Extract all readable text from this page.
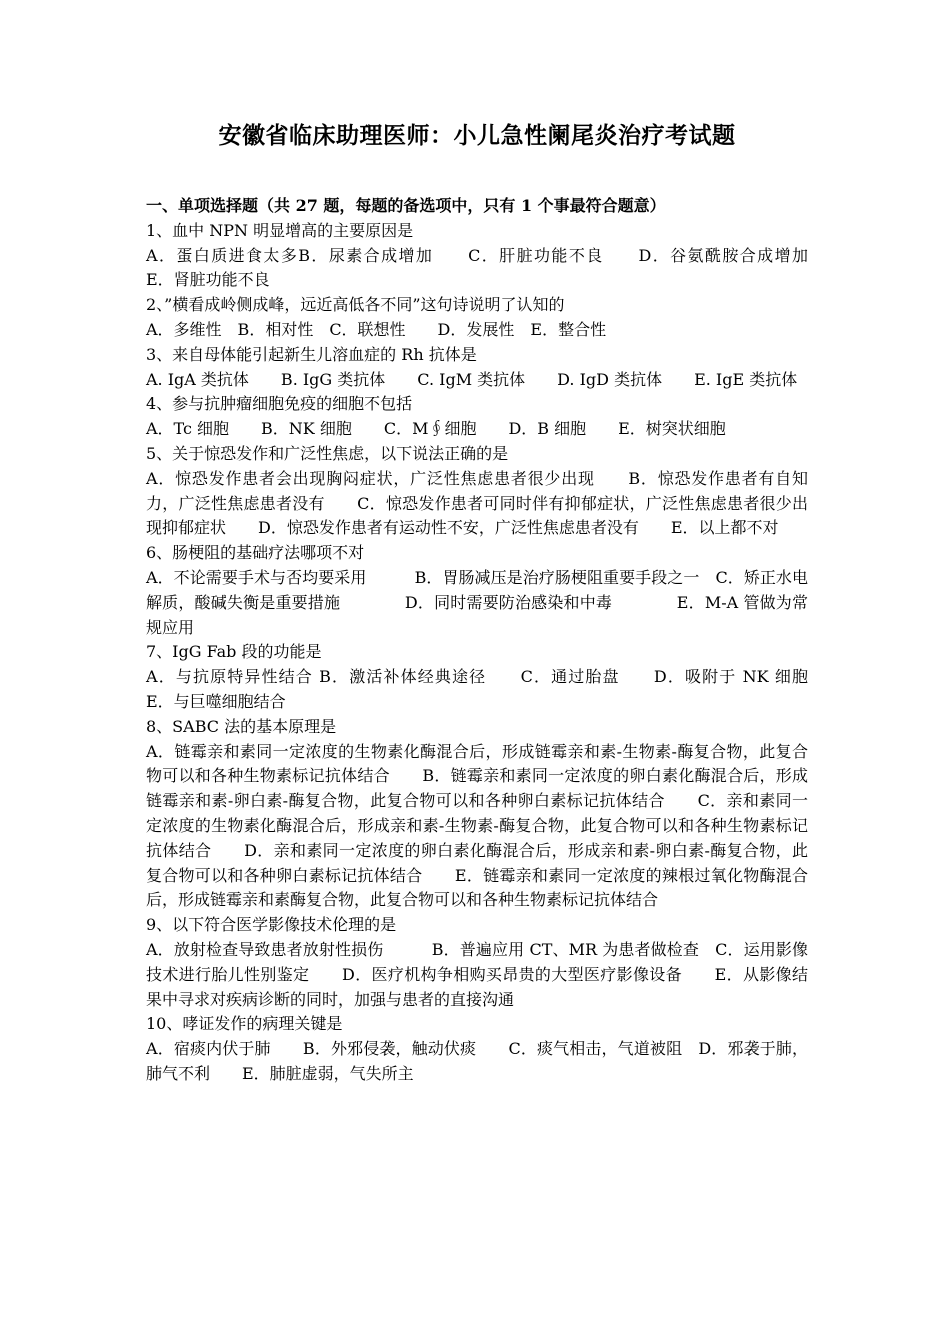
安徽省临床助理医师：小儿急性阑尾炎治疗考试题
一、单项选择题（共 27 题，每题的备选项中，只有 1 个事最符合题意）

1、血中 NPN 明显增高的主要原因是

A．蛋白质进食太多B．尿素合成增加　　C．肝脏功能不良　　D．谷氨酰胺合成增加　　E．肾脏功能不良

2、”横看成岭侧成峰，远近高低各不同”这句诗说明了认知的

A．多维性　B．相对性　C．联想性　　D．发展性　E．整合性

3、来自母体能引起新生儿溶血症的 Rh 抗体是

A. IgA 类抗体　　B. IgG 类抗体　　C. IgM 类抗体　　D. IgD 类抗体　　E. IgE 类抗体

4、参与抗肿瘤细胞免疫的细胞不包括

A．Tc 细胞　　B．NK 细胞　　C．M∮细胞　　D．B 细胞　　E．树突状细胞

5、关于惊恐发作和广泛性焦虑，以下说法正确的是

A．惊恐发作患者会出现胸闷症状，广泛性焦虑患者很少出现　　B．惊恐发作患者有自知力，广泛性焦虑患者没有　　C．惊恐发作患者可同时伴有抑郁症状，广泛性焦虑患者很少出现抑郁症状　　D．惊恐发作患者有运动性不安，广泛性焦虑患者没有　　E．以上都不对

6、肠梗阻的基础疗法哪项不对

A．不论需要手术与否均要采用　　　B．胃肠减压是治疗肠梗阻重要手段之一　C．矫正水电解质，酸碱失衡是重要措施　　　　D．同时需要防治感染和中毒　　　　E．M-A 管做为常规应用

7、IgG Fab 段的功能是

A．与抗原特异性结合 B．激活补体经典途径　　C．通过胎盘　　D．吸附于 NK 细胞　　E．与巨噬细胞结合

8、SABC 法的基本原理是

A．链霉亲和素同一定浓度的生物素化酶混合后，形成链霉亲和素-生物素-酶复合物，此复合物可以和各种生物素标记抗体结合　　B．链霉亲和素同一定浓度的卵白素化酶混合后，形成链霉亲和素-卵白素-酶复合物，此复合物可以和各种卵白素标记抗体结合　　C．亲和素同一定浓度的生物素化酶混合后，形成亲和素-生物素-酶复合物，此复合物可以和各种生物素标记抗体结合　　D．亲和素同一定浓度的卵白素化酶混合后，形成亲和素-卵白素-酶复合物，此复合物可以和各种卵白素标记抗体结合　　E．链霉亲和素同一定浓度的辣根过氧化物酶混合后，形成链霉亲和素酶复合物，此复合物可以和各种生物素标记抗体结合

9、以下符合医学影像技术伦理的是

A．放射检查导致患者放射性损伤　　　B．普遍应用 CT、MR 为患者做检查　C．运用影像技术进行胎儿性别鉴定　　D．医疗机构争相购买昂贵的大型医疗影像设备　　E．从影像结果中寻求对疾病诊断的同时，加强与患者的直接沟通

10、哮证发作的病理关键是

A．宿痰内伏于肺　　B．外邪侵袭，触动伏痰　　C．痰气相击，气道被阻　D．邪袭于肺，肺气不利　　E．肺脏虚弱，气失所主
